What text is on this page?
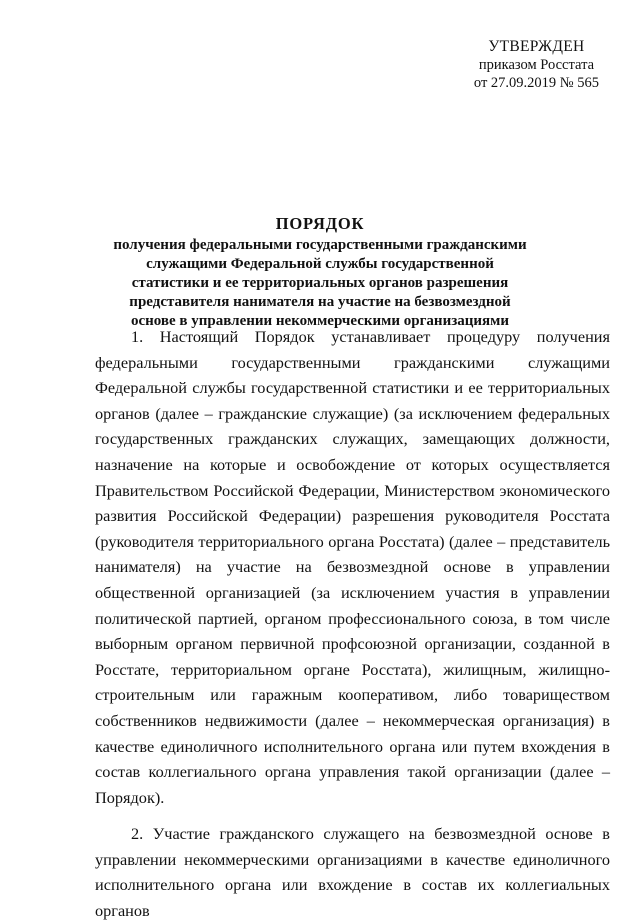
УТВЕРЖДЕН
приказом Росстата
от 27.09.2019 № 565
ПОРЯДОК
получения федеральными государственными гражданскими служащими Федеральной службы государственной статистики и ее территориальных органов разрешения представителя нанимателя на участие на безвозмездной основе в управлении некоммерческими организациями

1. Настоящий Порядок устанавливает процедуру получения федеральными государственными гражданскими служащими Федеральной службы государственной статистики и ее территориальных органов (далее – гражданские служащие) (за исключением федеральных государственных гражданских служащих, замещающих должности, назначение на которые и освобождение от которых осуществляется Правительством Российской Федерации, Министерством экономического развития Российской Федерации) разрешения руководителя Росстата (руководителя территориального органа Росстата) (далее – представитель нанимателя) на участие на безвозмездной основе в управлении общественной организацией (за исключением участия в управлении политической партией, органом профессионального союза, в том числе выборным органом первичной профсоюзной организации, созданной в Росстате, территориальном органе Росстата), жилищным, жилищно-строительным или гаражным кооперативом, либо товариществом собственников недвижимости (далее – некоммерческая организация) в качестве единоличного исполнительного органа или путем вхождения в состав коллегиального органа управления такой организации (далее – Порядок).

2. Участие гражданского служащего на безвозмездной основе в управлении некоммерческими организациями в качестве единоличного исполнительного органа или вхождение в состав их коллегиальных органов
